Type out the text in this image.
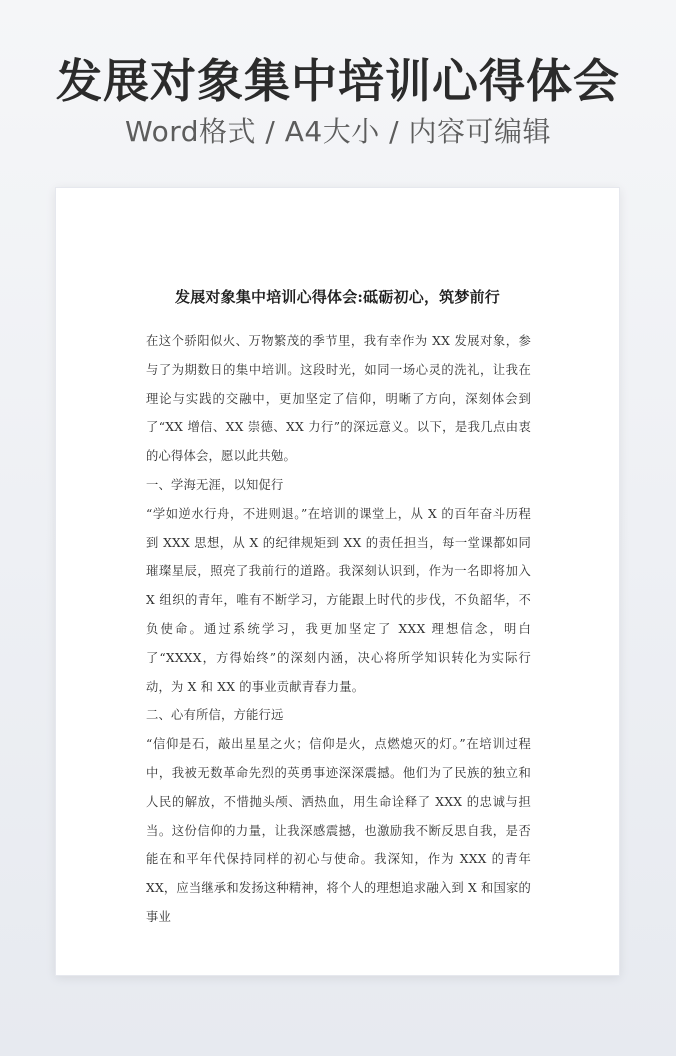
发展对象集中培训心得体会
Word格式 / A4大小 / 内容可编辑
发展对象集中培训心得体会:砥砺初心，筑梦前行

在这个骄阳似火、万物繁茂的季节里，我有幸作为 XX 发展对象，参与了为期数日的集中培训。这段时光，如同一场心灵的洗礼，让我在理论与实践的交融中，更加坚定了信仰，明晰了方向，深刻体会到了“XX 增信、XX 崇德、XX 力行”的深远意义。以下，是我几点由衷的心得体会，愿以此共勉。

一、学海无涯，以知促行

“学如逆水行舟，不进则退。”在培训的课堂上，从 X 的百年奋斗历程到 XXX 思想，从 X 的纪律规矩到 XX 的责任担当，每一堂课都如同璀璨星辰，照亮了我前行的道路。我深刻认识到，作为一名即将加入 X 组织的青年，唯有不断学习，方能跟上时代的步伐，不负韶华，不负使命。通过系统学习，我更加坚定了 XXX 理想信念，明白了“XXXX，方得始终”的深刻内涵，决心将所学知识转化为实际行动，为 X 和 XX 的事业贡献青春力量。

二、心有所信，方能行远

“信仰是石，敲出星星之火；信仰是火，点燃熄灭的灯。”在培训过程中，我被无数革命先烈的英勇事迹深深震撼。他们为了民族的独立和人民的解放，不惜抛头颅、洒热血，用生命诠释了 XXX 的忠诚与担当。这份信仰的力量，让我深感震撼，也激励我不断反思自我，是否能在和平年代保持同样的初心与使命。我深知，作为 XXX 的青年 XX，应当继承和发扬这种精神，将个人的理想追求融入到 X 和国家的事业
